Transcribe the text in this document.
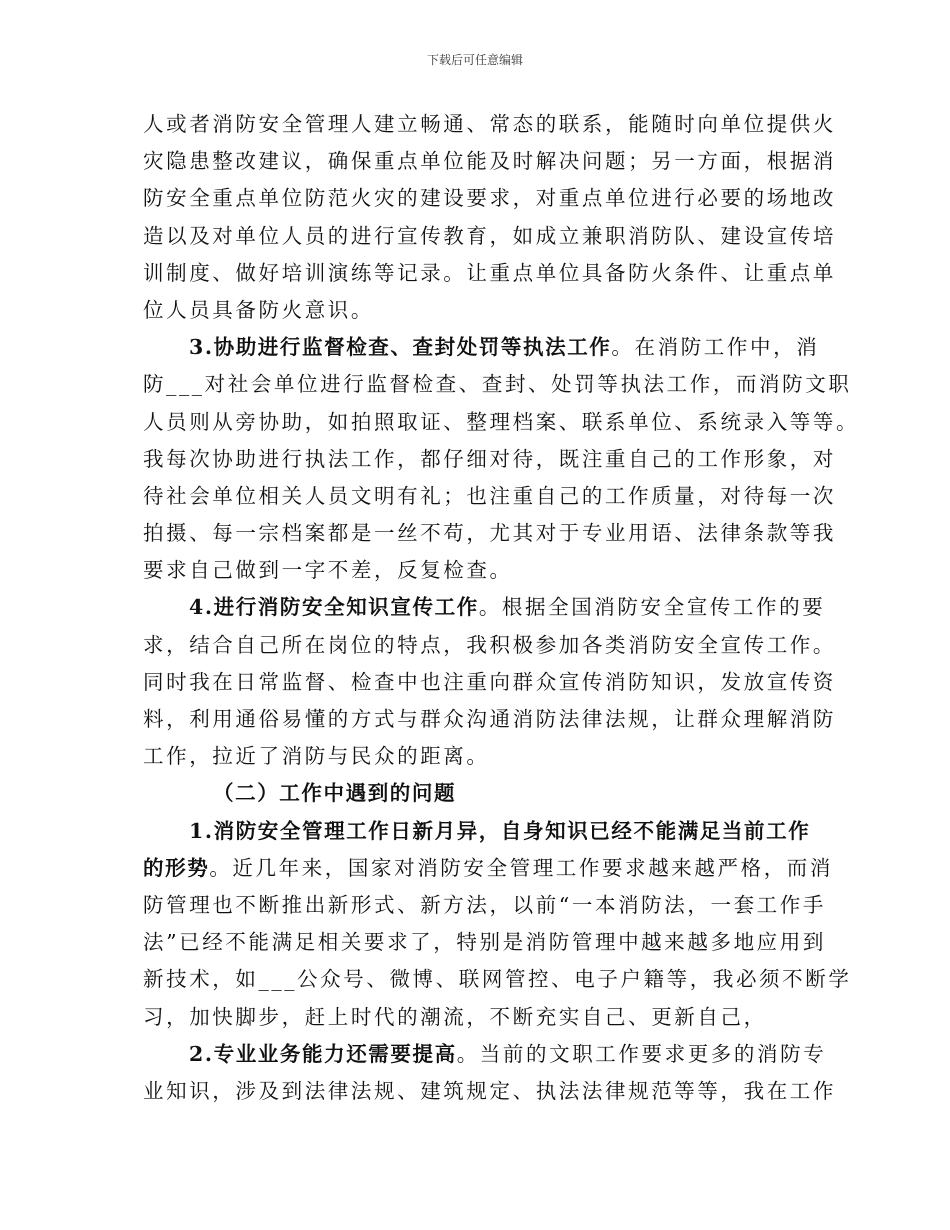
下载后可任意编辑
人或者消防安全管理人建立畅通、常态的联系，能随时向单位提供火
灾隐患整改建议，确保重点单位能及时解决问题；另一方面，根据消
防安全重点单位防范火灾的建设要求，对重点单位进行必要的场地改
造以及对单位人员的进行宣传教育，如成立兼职消防队、建设宣传培
训制度、做好培训演练等记录。让重点单位具备防火条件、让重点单
位人员具备防火意识。
3.协助进行监督检查、查封处罚等执法工作。在消防工作中，消
防___对社会单位进行监督检查、查封、处罚等执法工作，而消防文职
人员则从旁协助，如拍照取证、整理档案、联系单位、系统录入等等。
我每次协助进行执法工作，都仔细对待，既注重自己的工作形象，对
待社会单位相关人员文明有礼；也注重自己的工作质量，对待每一次
拍摄、每一宗档案都是一丝不苟，尤其对于专业用语、法律条款等我
要求自己做到一字不差，反复检查。
4.进行消防安全知识宣传工作。根据全国消防安全宣传工作的要
求，结合自己所在岗位的特点，我积极参加各类消防安全宣传工作。
同时我在日常监督、检查中也注重向群众宣传消防知识，发放宣传资
料，利用通俗易懂的方式与群众沟通消防法律法规，让群众理解消防
工作，拉近了消防与民众的距离。
（二）工作中遇到的问题
1.消防安全管理工作日新月异，自身知识已经不能满足当前工作
的形势。近几年来，国家对消防安全管理工作要求越来越严格，而消
防管理也不断推出新形式、新方法，以前“一本消防法，一套工作手
法”已经不能满足相关要求了，特别是消防管理中越来越多地应用到
新技术，如___公众号、微博、联网管控、电子户籍等，我必须不断学
习，加快脚步，赶上时代的潮流，不断充实自己、更新自己，
2.专业业务能力还需要提高。当前的文职工作要求更多的消防专
业知识，涉及到法律法规、建筑规定、执法法律规范等等，我在工作
